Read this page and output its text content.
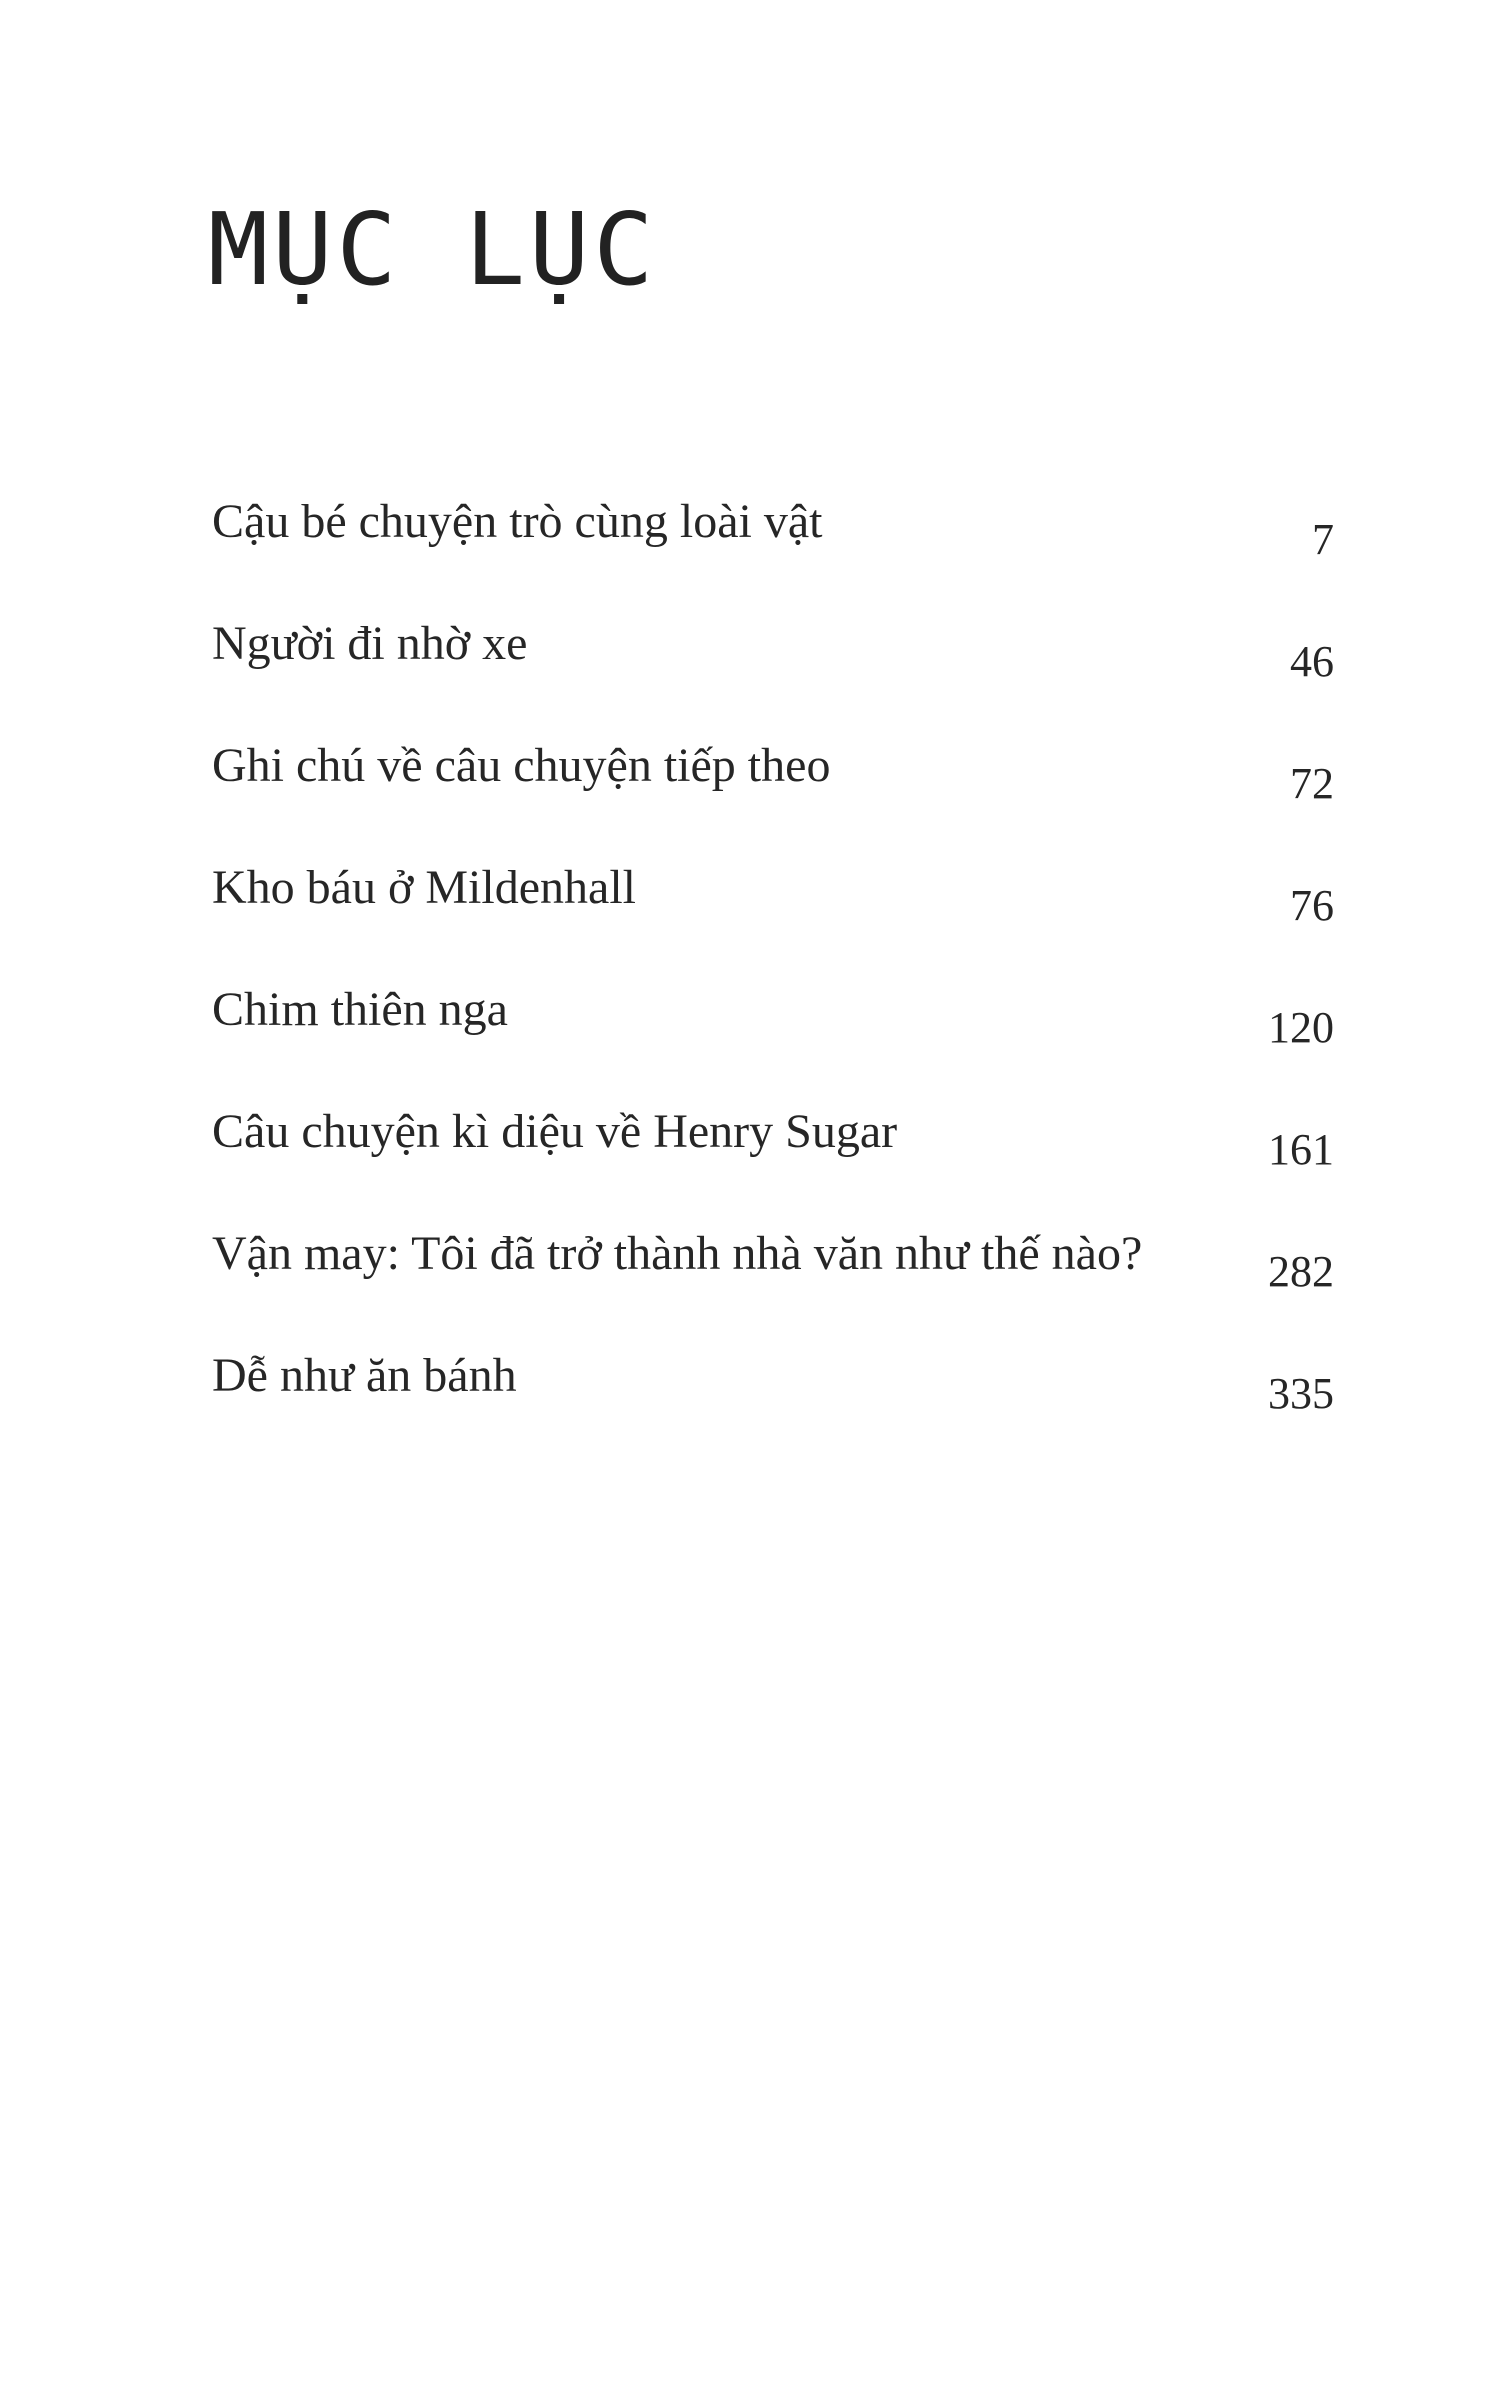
MỤC LỤC
Cậu bé chuyện trò cùng loài vật	7
Người đi nhờ xe	46
Ghi chú về câu chuyện tiếp theo	72
Kho báu ở Mildenhall	76
Chim thiên nga	120
Câu chuyện kì diệu về Henry Sugar	161
Vận may: Tôi đã trở thành nhà văn như thế nào?	282
Dễ như ăn bánh	335
